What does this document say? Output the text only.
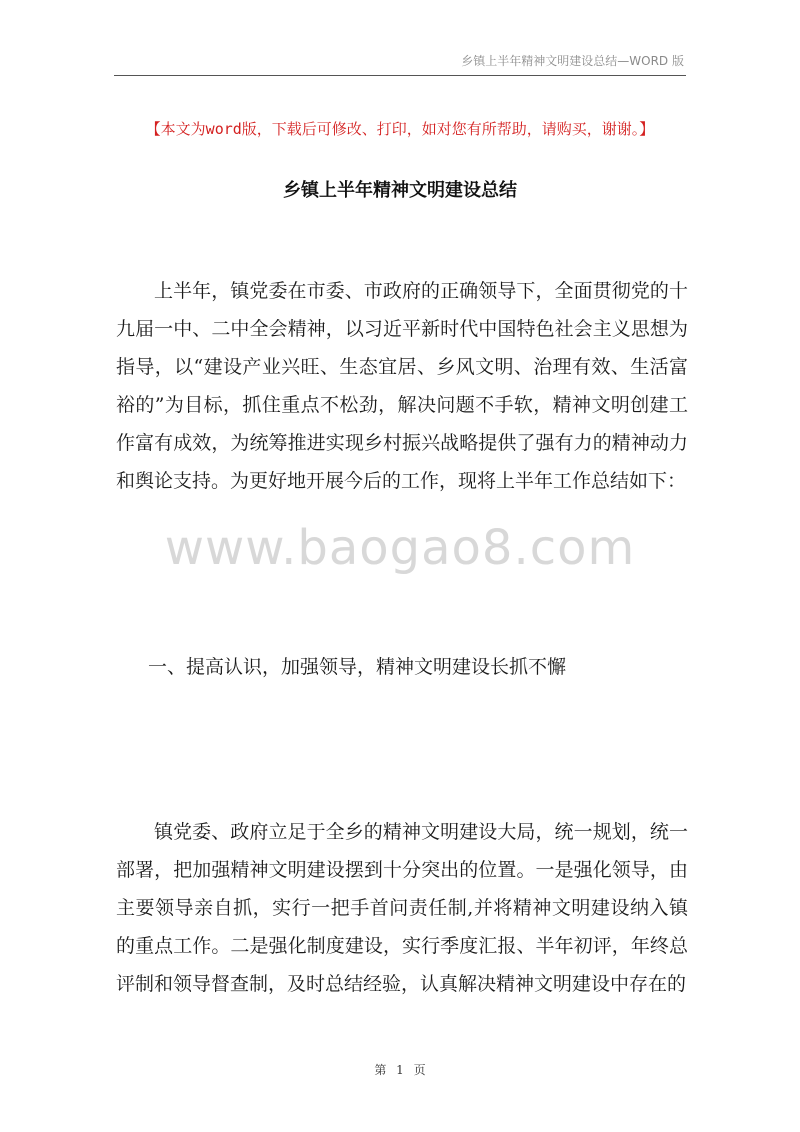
乡镇上半年精神文明建设总结—WORD 版
【本文为word版，下载后可修改、打印，如对您有所帮助，请购买，谢谢。】
乡镇上半年精神文明建设总结

上半年，镇党委在市委、市政府的正确领导下，全面贯彻党的十九届一中、二中全会精神，以习近平新时代中国特色社会主义思想为指导，以“建设产业兴旺、生态宜居、乡风文明、治理有效、生活富裕的”为目标，抓住重点不松劲，解决问题不手软，精神文明创建工作富有成效，为统筹推进实现乡村振兴战略提供了强有力的精神动力和舆论支持。为更好地开展今后的工作，现将上半年工作总结如下：

www.baogao8.com
一、提高认识，加强领导，精神文明建设长抓不懈

镇党委、政府立足于全乡的精神文明建设大局，统一规划，统一部署，把加强精神文明建设摆到十分突出的位置。一是强化领导，由主要领导亲自抓，实行一把手首问责任制,并将精神文明建设纳入镇的重点工作。二是强化制度建设，实行季度汇报、半年初评，年终总评制和领导督查制，及时总结经验，认真解决精神文明建设中存在的

第 1 页
